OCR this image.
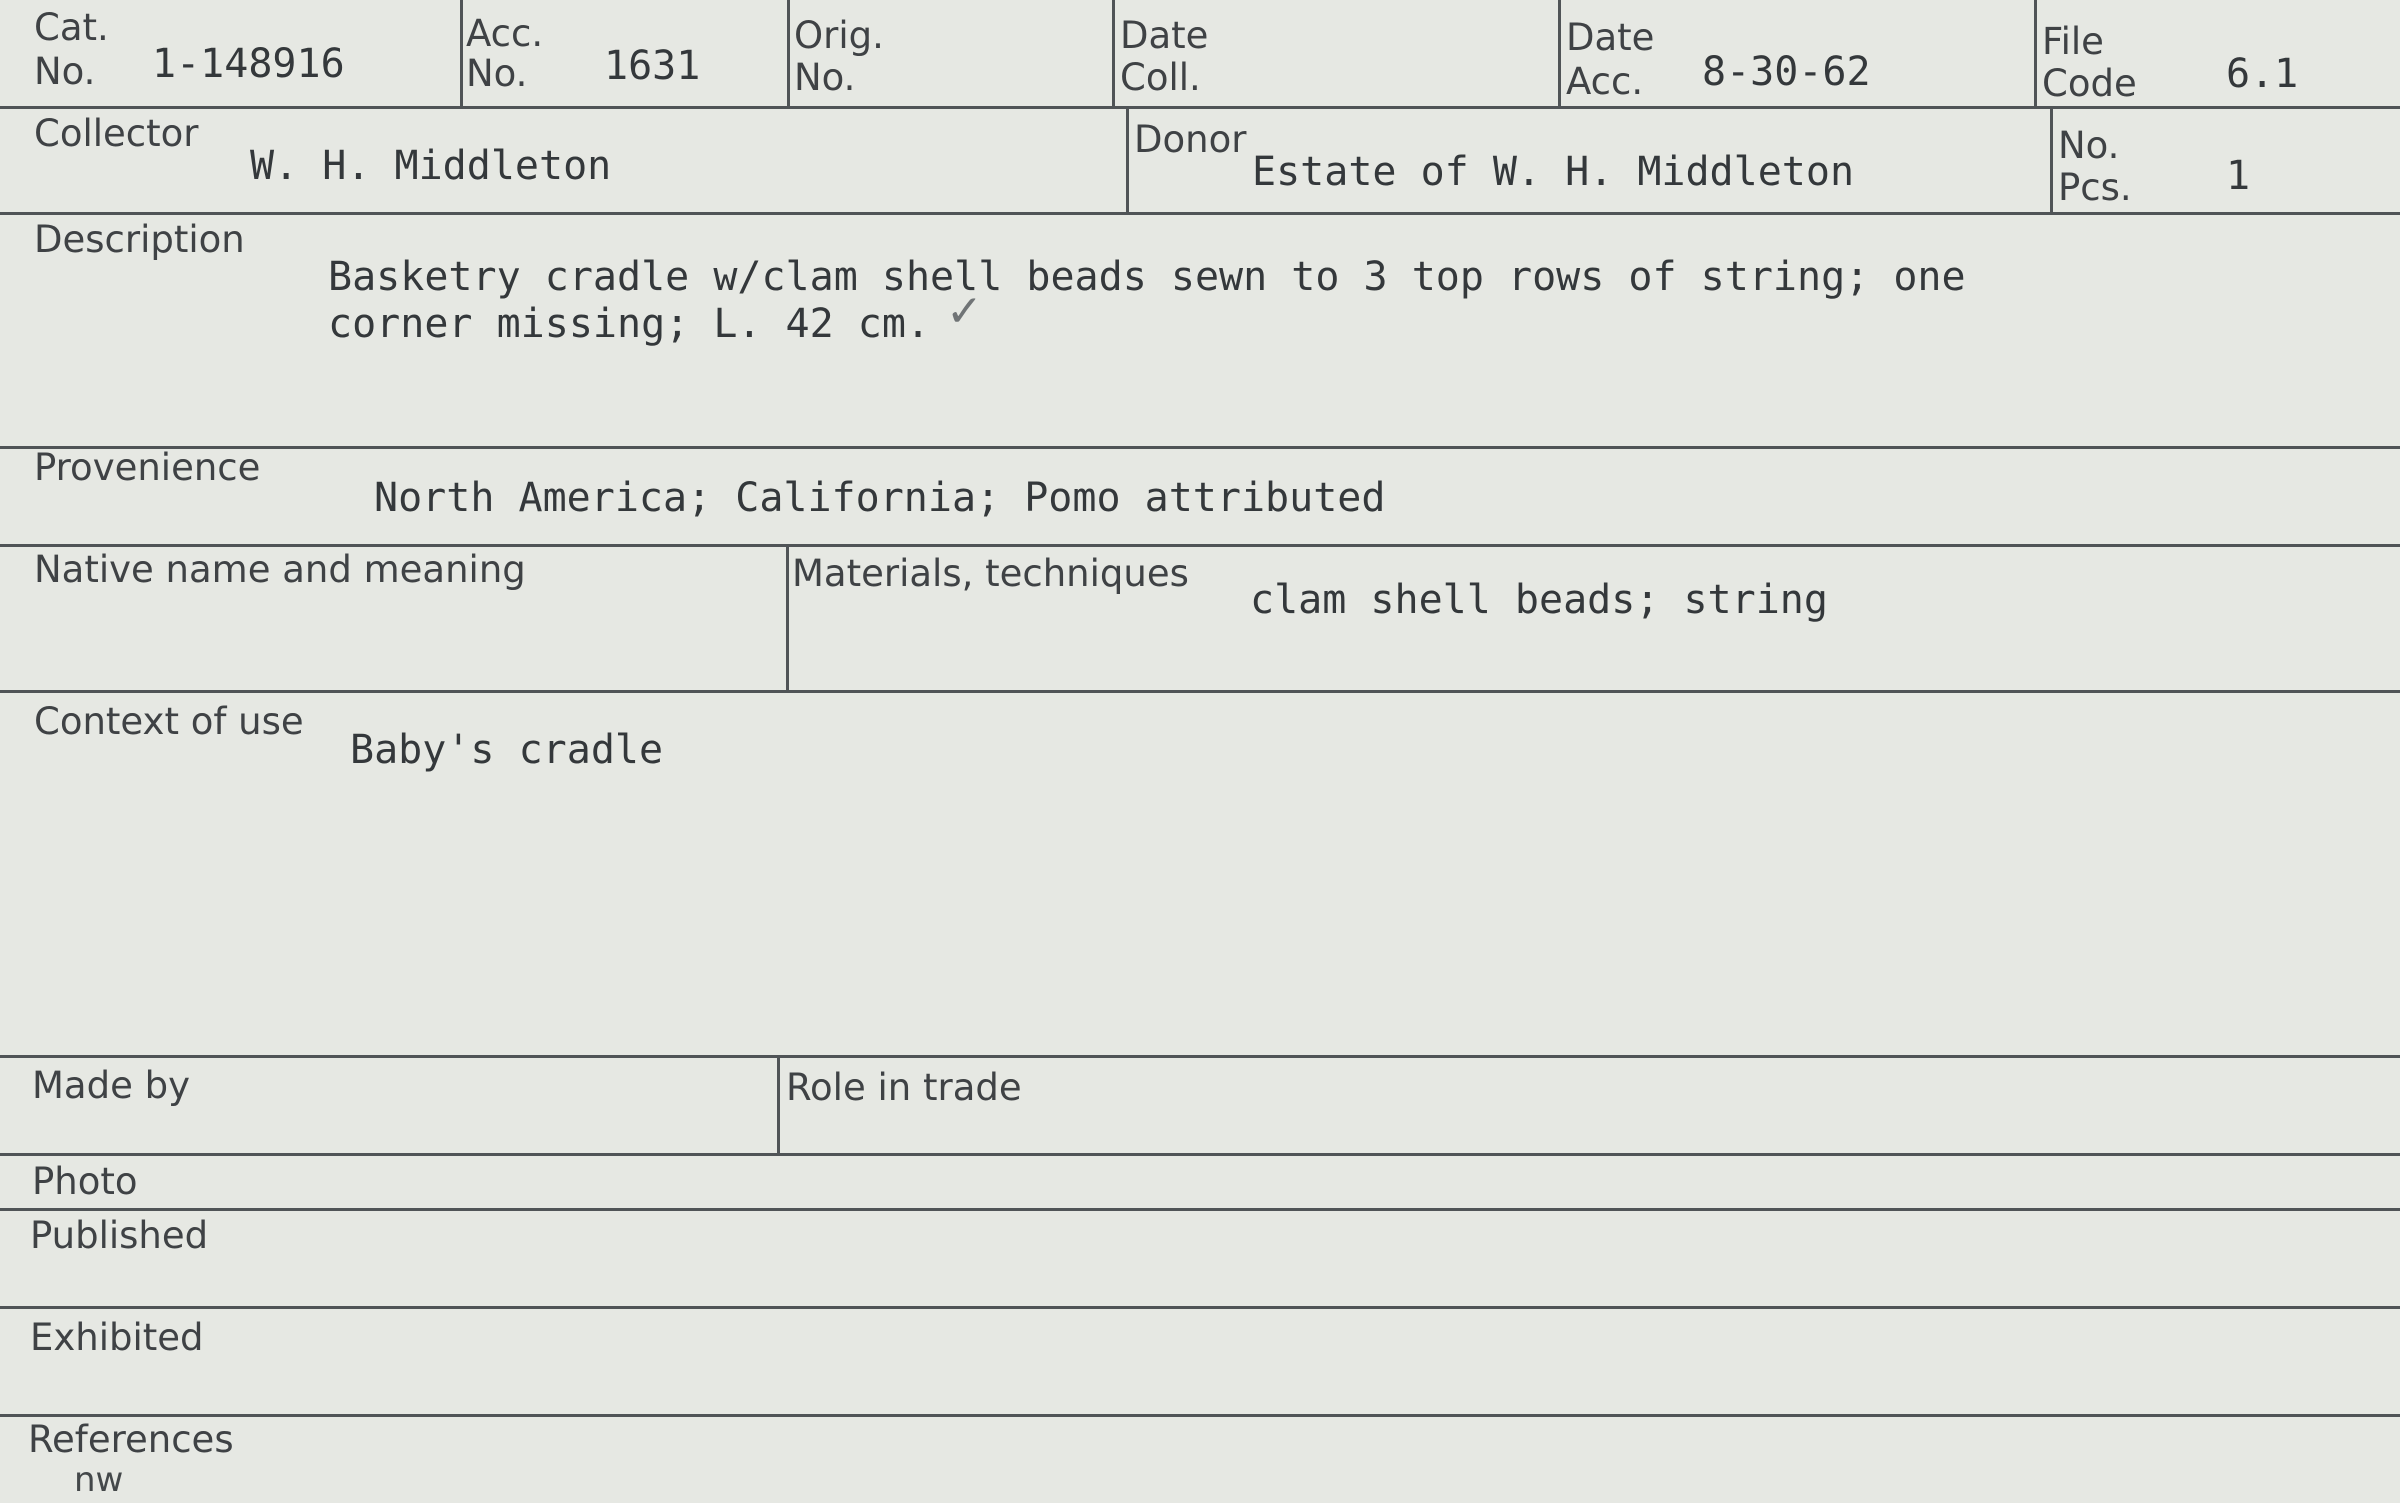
Cat.
No. 1-148916
Acc.
No. 1631
Orig.
No.
Date
Coll.
Date
Acc. 8-30-62
File
Code 6.1
Collector
W. H. Middleton
Donor
Estate of W. H. Middleton
No.
Pcs. 1
Description
Basketry cradle w/clam shell beads sewn to 3 top rows of string; one
corner missing; L. 42 cm. ✓
Provenience
North America; California; Pomo attributed
Native name and meaning	Materials, techniques
clam shell beads; string
Context of use
Baby's cradle
Made by	Role in trade
Photo
Published
Exhibited
References
nw
